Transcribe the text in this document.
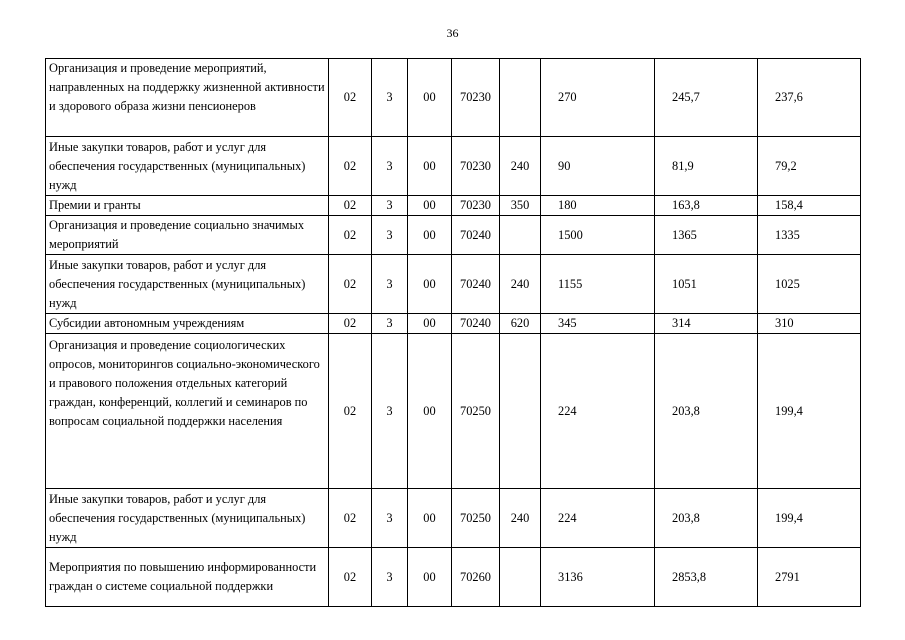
36
Организация и проведение мероприятий, направленных на поддержку жизненной активности и здорового образа жизни пенсионеров	02	3	00	70230		270	245,7	237,6
Иные закупки товаров, работ и услуг для обеспечения государственных (муниципальных) нужд	02	3	00	70230	240	90	81,9	79,2
Премии и гранты	02	3	00	70230	350	180	163,8	158,4
Организация и проведение социально значимых мероприятий	02	3	00	70240		1500	1365	1335
Иные закупки товаров, работ и услуг для обеспечения государственных (муниципальных) нужд	02	3	00	70240	240	1155	1051	1025
Субсидии автономным учреждениям	02	3	00	70240	620	345	314	310
Организация и проведение социологических опросов, мониторингов социально-экономического и правового положения отдельных категорий граждан, конференций, коллегий и семинаров по вопросам социальной поддержки населения	02	3	00	70250		224	203,8	199,4
Иные закупки товаров, работ и услуг для обеспечения государственных (муниципальных) нужд	02	3	00	70250	240	224	203,8	199,4
Мероприятия по повышению информированности граждан о системе социальной поддержки	02	3	00	70260		3136	2853,8	2791
